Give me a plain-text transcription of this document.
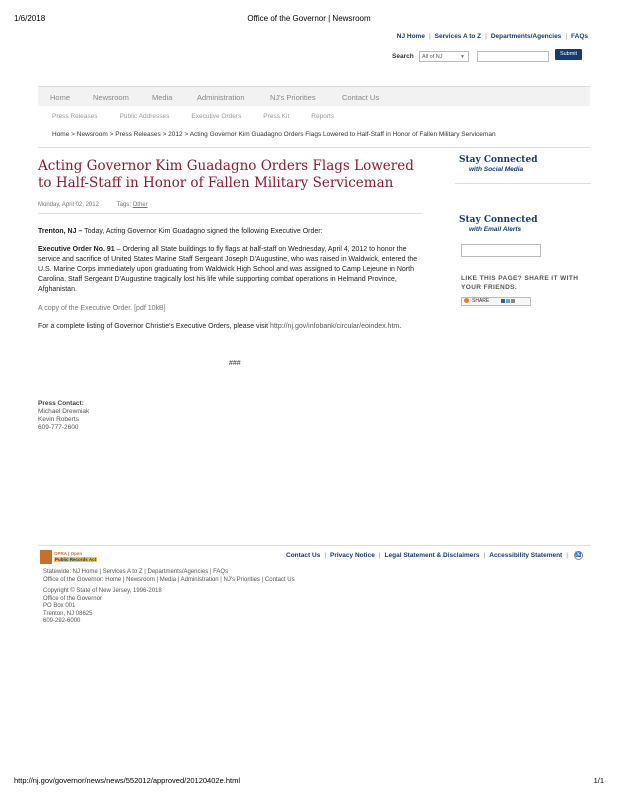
1/6/2018	Office of the Governor | Newsroom
NJ Home | Services A to Z | Departments/Agencies | FAQs
Search	All of NJ	▼	Submit
Home	Newsroom	Media	Administration	NJ's Priorities	Contact Us
Press Releases	Public Addresses	Executive Orders	Press Kit	Reports
Home > Newsroom > Press Releases > 2012 > Acting Governor Kim Guadagno Orders Flags Lowered to Half-Staff in Honor of Fallen Military Serviceman
Acting Governor Kim Guadagno Orders Flags Lowered to Half-Staff in Honor of Fallen Military Serviceman
Monday, April 02, 2012	Tags: Other

Trenton, NJ – Today, Acting Governor Kim Guadagno signed the following Executive Order:

Executive Order No. 91 – Ordering all State buildings to fly flags at half-staff on Wednesday, April 4, 2012 to honor the service and sacrifice of United States Marine Staff Sergeant Joseph D'Augustine, who was raised in Waldwick, entered the U.S. Marine Corps immediately upon graduating from Waldwick High School and was assigned to Camp Lejeune in North Carolina. Staff Sergeant D'Augustine tragically lost his life while supporting combat operations in Helmand Province, Afghanistan.

A copy of the Executive Order. [pdf 10kB]

For a complete listing of Governor Christie's Executive Orders, please visit http://nj.gov/infobank/circular/eoindex.htm.

###
Press Contact:
Michael Drewniak
Kevin Roberts
609-777-2600
Stay Connected
with Social Media
Stay Connected
with Email Alerts
LIKE THIS PAGE? SHARE IT WITH YOUR FRIENDS.
SHARE
OPRA | Open
Public Records Act
Contact Us | Privacy Notice | Legal Statement & Disclaimers | Accessibility Statement | ♿
Statewide: NJ Home | Services A to Z | Departments/Agencies | FAQs
Office of the Governor: Home | Newsroom | Media | Administration | NJ's Priorities | Contact Us
Copyright © State of New Jersey, 1996-2018
Office of the Governor
PO Box 001
Trenton, NJ 08625
609-292-6000
http://nj.gov/governor/news/news/552012/approved/20120402e.html	1/1
